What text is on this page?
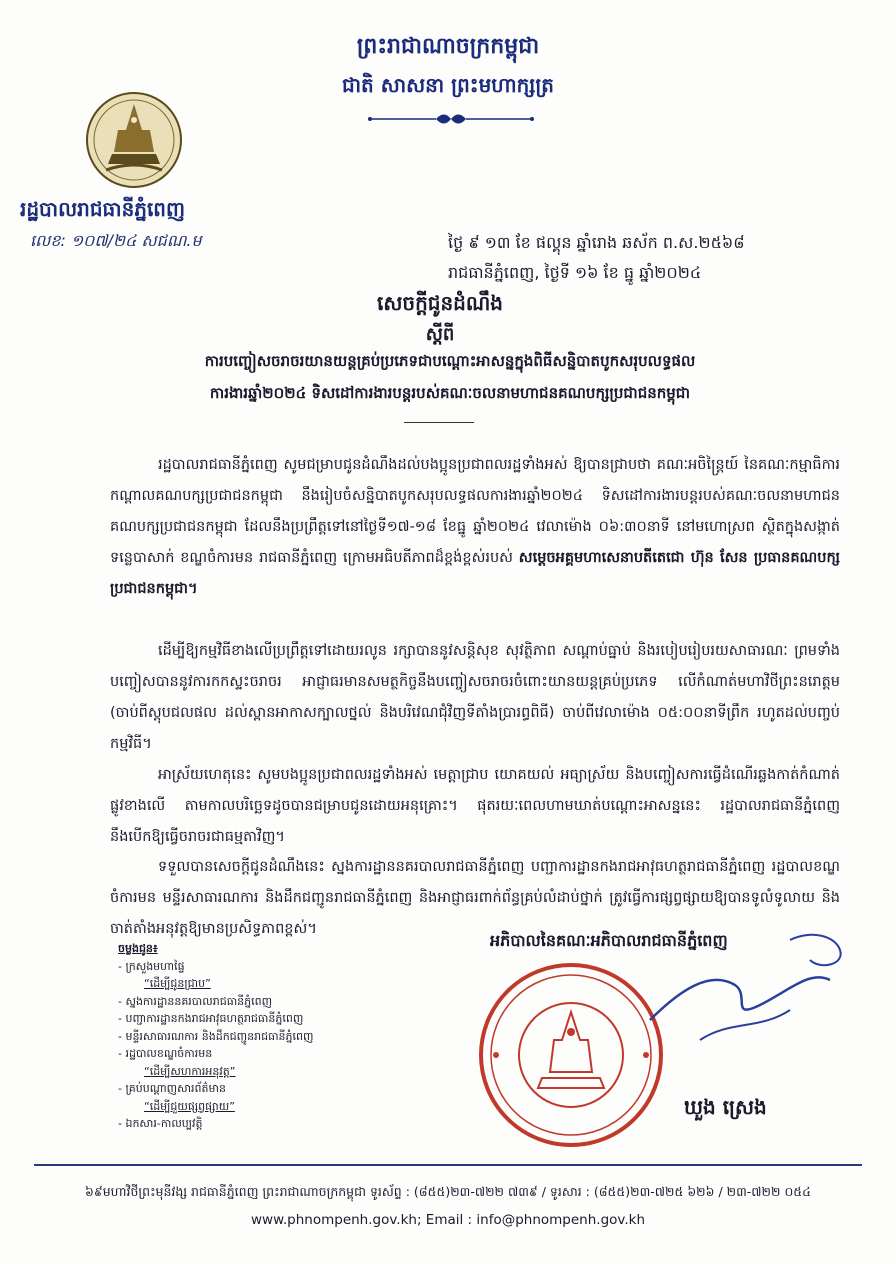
ព្រះរាជាណាចក្រកម្ពុជា
ជាតិ សាសនា ព្រះមហាក្សត្រ
រដ្ឋបាលរាជធានីភ្នំពេញ
លេខ: ១០៧/២៤ សជណ.ម	ថ្ងៃ ៩ ១៣ ខែ ផល្គុន ឆ្នាំរោង ឆស័ក ព.ស.២៥៦៨
រាជធានីភ្នំពេញ, ថ្ងៃទី ១៦ ខែ ធ្នូ ឆ្នាំ២០២៤
សេចក្ដីជូនដំណឹង
ស្ដីពី
ការបញ្ចៀសចរាចរយានយន្តគ្រប់ប្រភេទជាបណ្ដោះអាសន្នក្នុងពិធីសន្និបាតបូកសរុបលទ្ធផល
ការងារឆ្នាំ២០២៤ ទិសដៅការងារបន្ដរបស់គណៈចលនាមហាជនគណបក្សប្រជាជនកម្ពុជា
រដ្ឋបាលរាជធានីភ្នំពេញ សូមជម្រាបជូនដំណឹងដល់បងប្អូនប្រជាពលរដ្ឋទាំងអស់ ឱ្យបានជ្រាបថា គណៈអចិន្ត្រៃយ៍ នៃគណៈកម្មាធិការកណ្ដាលគណបក្សប្រជាជនកម្ពុជា នឹងរៀបចំសន្និបាតបូកសរុបលទ្ធផលការងារឆ្នាំ២០២៤ ទិសដៅការងារបន្ដរបស់គណៈចលនាមហាជនគណបក្សប្រជាជនកម្ពុជា ដែលនឹងប្រព្រឹត្តទៅនៅថ្ងៃទី១៧-១៨ ខែធ្នូ ឆ្នាំ២០២៤ វេលាម៉ោង ០៦:៣០នាទី នៅមហោស្រព ស្ថិតក្នុងសង្កាត់ទន្លេបាសាក់ ខណ្ឌចំការមន រាជធានីភ្នំពេញ ក្រោមអធិបតីភាពដ៏ខ្ពង់ខ្ពស់របស់ សម្ដេចអគ្គមហាសេនាបតីតេជោ ហ៊ុន សែន ប្រធានគណបក្សប្រជាជនកម្ពុជា។
ដើម្បីឱ្យកម្មវិធីខាងលើប្រព្រឹត្តទៅដោយរលូន រក្សាបាននូវសន្តិសុខ សុវត្ថិភាព សណ្ដាប់ធ្នាប់ និងរបៀបរៀបរយសាធារណៈ ព្រមទាំងបញ្ចៀសបាននូវការកកស្ទះចរាចរ អាជ្ញាធរមានសមត្ថកិច្ចនឹងបញ្ចៀសចរាចរចំពោះយានយន្តគ្រប់ប្រភេទ លើកំណាត់មហាវិថីព្រះនរោត្តម (ចាប់ពីស្តុបជលផល ដល់ស្ពានអាកាសក្បាលថ្នល់ និងបរិវេណជុំវិញទីតាំងប្រារព្ធពិធី) ចាប់ពីវេលាម៉ោង ០៥:០០នាទីព្រឹក រហូតដល់បញ្ចប់កម្មវិធី។
អាស្រ័យហេតុនេះ សូមបងប្អូនប្រជាពលរដ្ឋទាំងអស់ មេត្តាជ្រាប យោគយល់ អធ្យាស្រ័យ និងបញ្ចៀសការធ្វើដំណើរឆ្លងកាត់កំណាត់ផ្លូវខាងលើ តាមកាលបរិច្ឆេទដូចបានជម្រាបជូនដោយអនុគ្រោះ។ ផុតរយៈពេលហាមឃាត់បណ្ដោះអាសន្ននេះ រដ្ឋបាលរាជធានីភ្នំពេញ នឹងបើកឱ្យធ្វើចរាចរជាធម្មតាវិញ។
ទទួលបានសេចក្ដីជូនដំណឹងនេះ ស្នងការដ្ឋាននគរបាលរាជធានីភ្នំពេញ បញ្ជាការដ្ឋានកងរាជអាវុធហត្ថរាជធានីភ្នំពេញ រដ្ឋបាលខណ្ឌចំការមន មន្ទីរសាធារណការ និងដឹកជញ្ជូនរាជធានីភ្នំពេញ និងអាជ្ញាធរពាក់ព័ន្ធគ្រប់លំដាប់ថ្នាក់ ត្រូវធ្វើការផ្សព្វផ្សាយឱ្យបានទូលំទូលាយ និងចាត់តាំងអនុវត្តឱ្យមានប្រសិទ្ធភាពខ្ពស់។
អភិបាលនៃគណៈអភិបាលរាជធានីភ្នំពេញ
ឃួង ស្រេង
ចម្លងជូន៖
- ក្រសួងមហាផ្ទៃ
“ដើម្បីជូនជ្រាប”
- ស្នងការដ្ឋាននគរបាលរាជធានីភ្នំពេញ
- បញ្ជាការដ្ឋានកងរាជអាវុធហត្ថរាជធានីភ្នំពេញ
- មន្ទីរសាធារណការ និងដឹកជញ្ជូនរាជធានីភ្នំពេញ
- រដ្ឋបាលខណ្ឌចំការមន
“ដើម្បីសហការអនុវត្ត”
- គ្រប់បណ្ដាញសារព័ត៌មាន
“ដើម្បីជួយផ្សព្វផ្សាយ”
- ឯកសារ-កាលប្បវត្តិ
៦៩មហាវិថីព្រះមុនីវង្ស រាជធានីភ្នំពេញ ព្រះរាជាណាចក្រកម្ពុជា ទូរស័ព្ទ : (៨៥៥)២៣-៧២២ ៧៣៩ / ទូរសារ : (៨៥៥)២៣-៧២៥ ៦២៦ / ២៣-៧២២ ០៥៤
www.phnompenh.gov.kh; Email : info@phnompenh.gov.kh
